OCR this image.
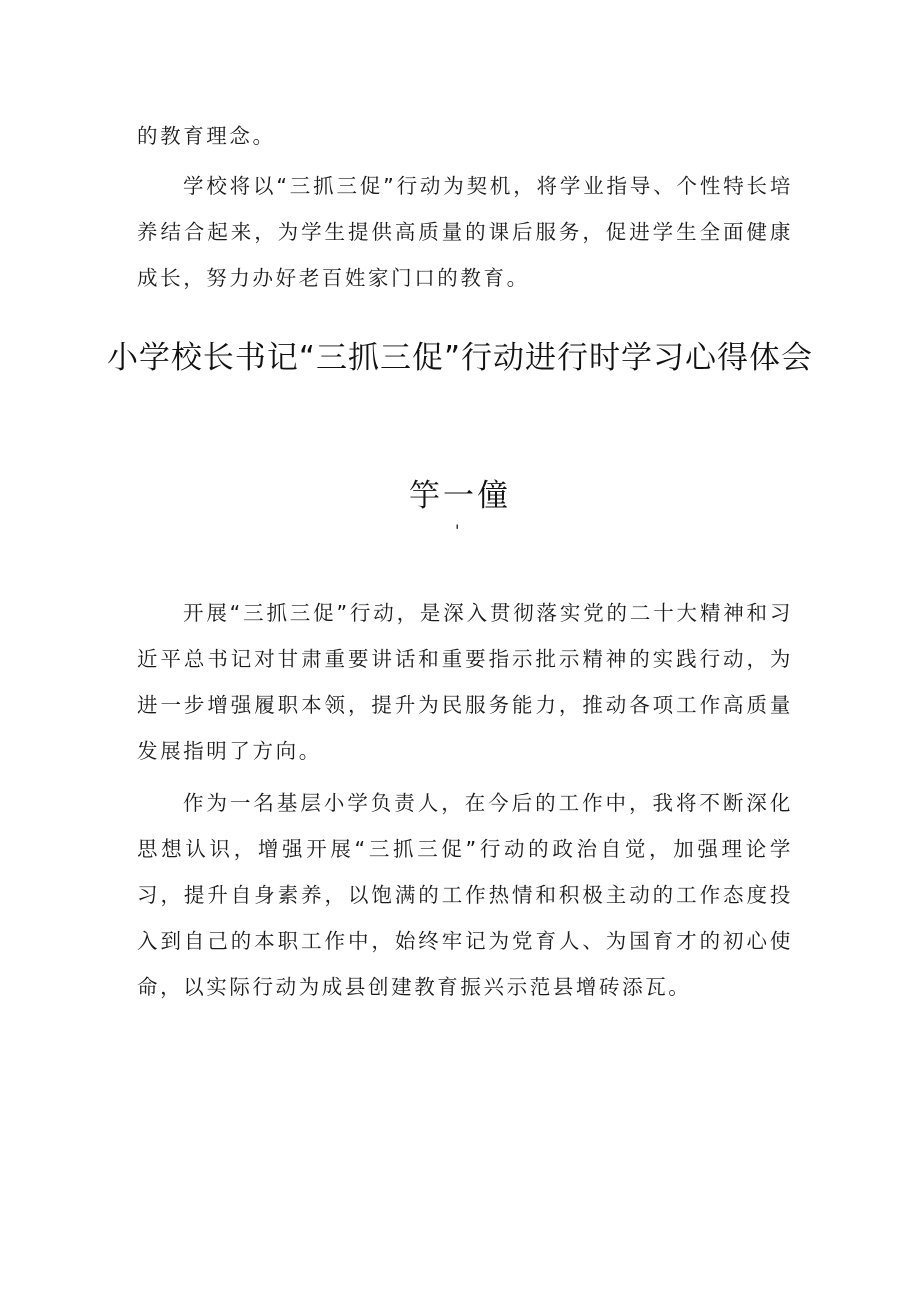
的教育理念。

学校将以“三抓三促”行动为契机，将学业指导、个性特长培养结合起来，为学生提供高质量的课后服务，促进学生全面健康成长，努力办好老百姓家门口的教育。

小学校长书记“三抓三促”行动进行时学习心得体会
竽一僮
'

开展“三抓三促”行动，是深入贯彻落实党的二十大精神和习近平总书记对甘肃重要讲话和重要指示批示精神的实践行动，为进一步增强履职本领，提升为民服务能力，推动各项工作高质量发展指明了方向。

作为一名基层小学负责人，在今后的工作中，我将不断深化思想认识，增强开展“三抓三促”行动的政治自觉，加强理论学习，提升自身素养，以饱满的工作热情和积极主动的工作态度投入到自己的本职工作中，始终牢记为党育人、为国育才的初心使命，以实际行动为成县创建教育振兴示范县增砖添瓦。
